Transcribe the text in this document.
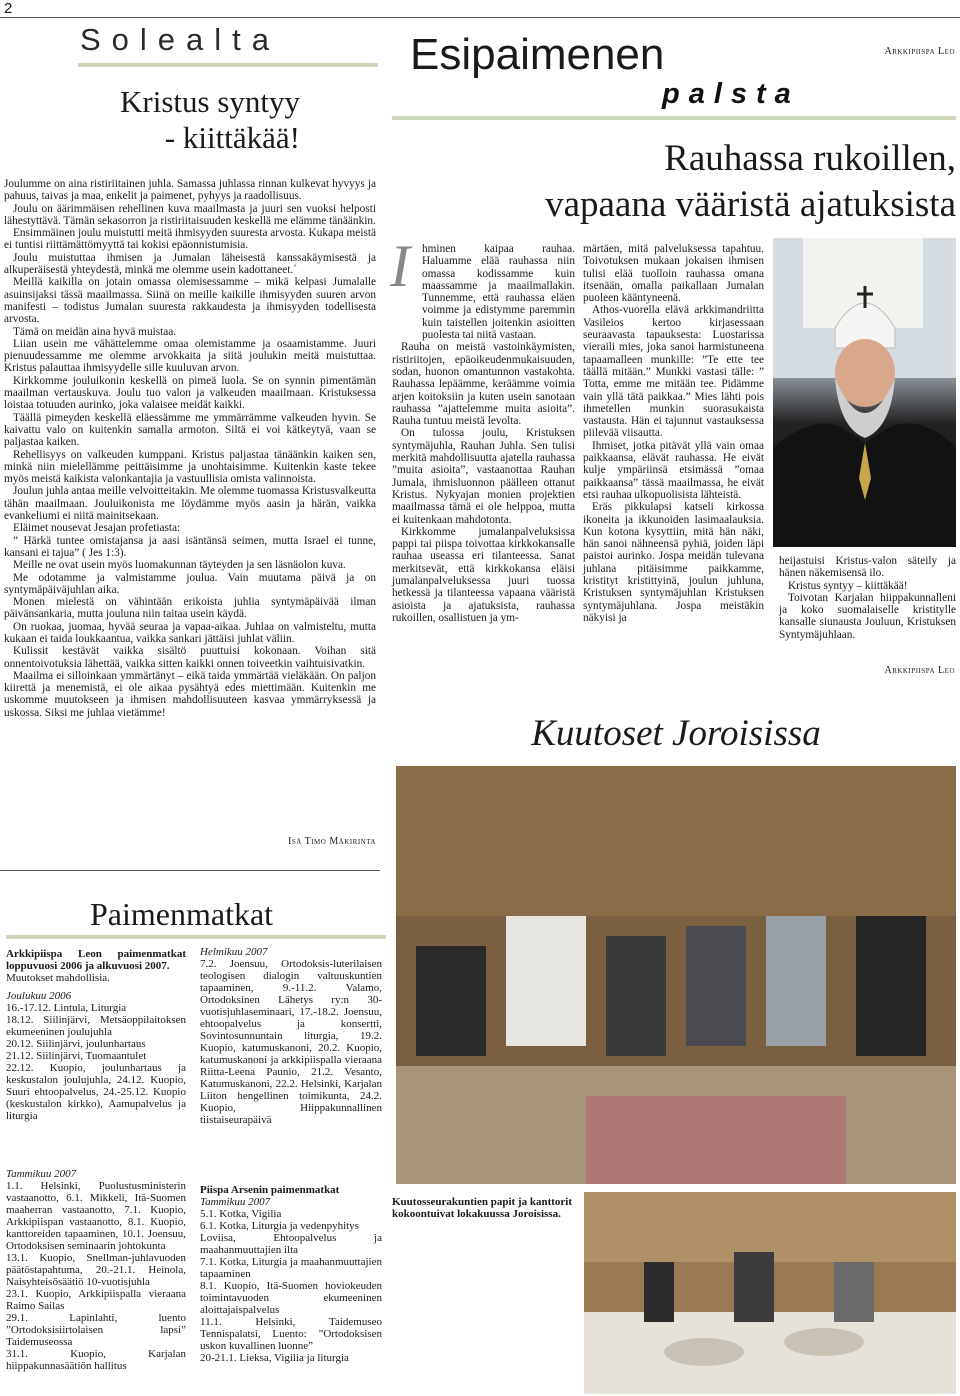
2
Solealta
Kristus syntyy
- kiittäkää!

Joulumme on aina ristiriitainen juhla. Samassa juhlassa rinnan kulkevat hyvyys ja pahuus, taivas ja maa, enkelit ja paimenet, pyhyys ja raadollisuus.

Joulu on äärimmäisen rehellinen kuva maailmasta ja juuri sen vuoksi helposti lähestyttävä. Tämän sekasorron ja ristiriitaisuuden keskellä me elämme tänäänkin.

Ensimmäinen joulu muistutti meitä ihmisyyden suuresta arvosta. Kukapa meistä ei tuntisi riittämättömyyttä tai kokisi epäonnistumisia.

Joulu muistuttaa ihmisen ja Jumalan läheisestä kanssakäymisestä ja alkuperäisestä yhteydestä, minkä me olemme usein kadottaneet.´

Meillä kaikilla on jotain omassa olemisessamme – mikä kelpasi Jumalalle asuinsijaksi tässä maailmassa. Siinä on meille kaikille ihmisyyden suuren arvon manifesti – todistus Jumalan suuresta rakkaudesta ja ihmisyyden todellisesta arvosta.

Tämä on meidän aina hyvä muistaa.

Liian usein me vähättelemme omaa olemistamme ja osaamistamme. Juuri pienuudessamme me olemme arvokkaita ja siitä joulukin meitä muistuttaa. Kristus palauttaa ihmisyydelle sille kuuluvan arvon.

Kirkkomme jouluikonin keskellä on pimeä luola. Se on synnin pimentämän maailman vertauskuva. Joulu tuo valon ja valkeuden maailmaan. Kristuksessa loistaa totuuden aurinko, joka valaisee meidät kaikki.

Täällä pimeyden keskellä eläessämme me ymmärrämme valkeuden hyvin. Se kaivattu valo on kuitenkin samalla armoton. Siltä ei voi kätkeytyä, vaan se paljastaa kaiken.

Rehellisyys on valkeuden kumppani. Kristus paljastaa tänäänkin kaiken sen, minkä niin mielellämme peittäisimme ja unohtaisimme. Kuitenkin kaste tekee myös meistä kaikista valonkantajia ja vastuullisia omista valinnoista.

Joulun juhla antaa meille velvoitteitakin. Me olemme tuomassa Kristusvalkeutta tähän maailmaan. Jouluikonista me löydämme myös aasin ja härän, vaikka evankeliumi ei niitä mainitsekaan.

Eläimet nousevat Jesajan profetiasta:

” Härkä tuntee omistajansa ja aasi isäntänsä seimen, mutta Israel ei tunne, kansani ei tajua” ( Jes 1:3).

Meille ne ovat usein myös luomakunnan täyteyden ja sen läsnäolon kuva.

Me odotamme ja valmistamme joulua. Vain muutama päivä ja on syntymäpäiväjuhlan aika.

Monen mielestä on vähintään erikoista juhlia syntymäpäivää ilman päivänsankaria, mutta joulunа niin taitaa usein käydä.

On ruokaa, juomaa, hyvää seuraa ja vapaa-aikaa. Juhlaa on valmisteltu, mutta kukaan ei taida loukkaantua, vaikka sankari jättäisi juhlat väliin.

Kulissit kestävät vaikka sisältö puuttuisi kokonaan. Voihan sitä onnentoivotuksia lähettää, vaikka sitten kaikki onnen toiveetkin vaihtuisivatkin.

Maailma ei silloinkaan ymmärtänyt – eikä taida ymmärtää vieläkään. On paljon kiirettä ja menemistä, ei ole aikaa pysähtyä edes miettimään. Kuitenkin me uskomme muutokseen ja ihmisen mahdollisuuteen kasvaa ymmärryksessä ja uskossa. Siksi me juhlaa vietämme!

Isä Timo Mäkirinta
Esipaimenen
palsta
Arkkipiispa Leo
Rauhassa rukoillen,
vapaana vääristä ajatuksista
I	hminen kaipaa rauhaa. Haluamme elää rauhassa niin omassa kodissamme kuin maassamme ja maailmallakin. Tunnemme, että rauhassa eläen voimme ja edistymme paremmin kuin taistellen joitenkin asioitten puolesta tai niitä vastaan.

Rauha on meistä vastoinkäymisten, ristiriitojen, epäoikeudenmukaisuuden, sodan, huonon omantunnon vastakohta. Rauhassa lepäämme, keräämme voimia arjen koitoksiin ja kuten usein sanotaan rauhassa ”ajattelemme muita asioita”. Rauha tuntuu meistä levolta.

On tulossa joulu, Kristuksen syntymäjuhla, Rauhan Juhla. Sen tulisi merkitä mahdollisuutta ajatella rauhassa ”muita asioita”, vastaanottaa Rauhan Jumala, ihmisluonnon päälleen ottanut Kristus. Nykyajan monien projektien maailmassa tämä ei ole helppoa, mutta ei kuitenkaan mahdotonta.

Kirkkomme jumalanpalveluksissa pappi tai piispa toivottaa kirkkokansalle rauhaa useassa eri tilanteessa. Sanat merkitsevät, että kirkkokansa eläisi jumalanpalveluksessa juuri tuossa hetkessä ja tilanteessa vapaana vääristä asioista ja ajatuksista, rauhassa rukoillen, osallistuen ja ym-

märtäen, mitä palveluksessa tapahtuu. Toivotuksen mukaan jokaisen ihmisen tulisi elää tuolloin rauhassa omana itsenään, omalla paikallaan Jumalan puoleen kääntyneenä.

Athos-vuorella elävä arkkimandriitta Vasileios kertoo kirjasessaan seuraavasta tapauksesta: Luostarissa vieraili mies, joka sanoi harmistuneena tapaamalleen munkille: ”Te ette tee täällä mitään.” Munkki vastasi tälle: ” Totta, emme me mitään tee. Pidämme vain yllä tätä paikkaa.” Mies lähti pois ihmetellen munkin suorasukaista vastausta. Hän ei tajunnut vastauksessa piilevää viisautta.

Ihmiset, jotka pitävät yllä vain omaa paikkaansa, elävät rauhassa. He eivät kulje ympäriinsä etsimässä ”omaa paikkaansa” tässä maailmassa, he eivät etsi rauhaa ulkopuolisista lähteistä.

Eräs pikkulapsi katseli kirkossa ikoneita ja ikkunoiden lasimaalauksia. Kun kotona kysyttiin, mitä hän näki, hän sanoi nähneensä pyhiä, joiden läpi paistoi aurinko. Jospa meidän tulevana juhlana pitäisimme paikkamme, kristityt kristittyinä, joulun juhluna, Kristuksen syntymäjuhlan Kristuksen syntymäjuhlana. Jospa meistäkin näkyisi ja

heijastuisi Kristus-valon säteily ja hänen näkemisensä ilo.

Kristus syntyy – kiittäkää!

Toivotan Karjalan hiippakunnalleni ja koko suomalaiselle kristitylle kansalle siunausta Jouluun, Kristuksen Syntymäjuhlaan.

Arkkipiispa Leo
Kuutoset Joroisissa
Kuutosseurakuntien papit ja kanttorit kokoontuivat lokakuussa Joroisissa.
Paimenmatkat

Arkkipiispa Leon paimenmatkat loppuvuosi 2006 ja alkuvuosi 2007.

Muutokset mahdollisia.

Joulukuu 2006

16.-17.12. Lintula, Liturgia

18.12. Siilinjärvi, Metsäoppilaitoksen ekumeeninen joulujuhla

20.12. Siilinjärvi, joulunhartaus

21.12. Siilinjärvi, Tuomaantulet

22.12. Kuopio, joulunhartaus ja keskustalon joulujuhla, 24.12. Kuopio, Suuri ehtoopalvelus, 24.-25.12. Kuopio (keskustalon kirkko), Aamupalvelus ja liturgia

Helmikuu 2007

7.2. Joensuu, Ortodoksis-luterilaisen teologisen dialogin valtuuskuntien tapaaminen, 9.-11.2. Valamo, Ortodoksinen Lähetys ry:n 30-vuotisjuhlaseminaari, 17.-18.2. Joensuu, ehtoopalvelus ja konsertti, Sovintosunnuntain liturgia, 19.2. Kuopio, katumuskanoni, 20.2. Kuopio, katumuskanoni ja arkkipiispalla vieraana Riitta-Leena Paunio, 21.2. Vesanto, Katumuskanoni, 22.2. Helsinki, Karjalan Liiton hengellinen toimikunta, 24.2. Kuopio, Hiippakunnallinen tiistaiseurapäivä

Tammikuu 2007

1.1. Helsinki, Puolustusministerin vastaanotto, 6.1. Mikkeli, Itä-Suomen maaherran vastaanotto, 7.1. Kuopio, Arkkipiispan vastaanotto, 8.1. Kuopio, kanttoreiden tapaaminen, 10.1. Joensuu, Ortodoksisen seminaarin johtokunta

13.1. Kuopio, Snellman-juhlavuoden päätöstapahtuma, 20.-21.1. Heinola, Naisyhteisösäätiö 10-vuotisjuhla

23.1. Kuopio, Arkkipiispalla vieraana Raimo Sailas

29.1. Lapinlahti, luento ”Ortodoksisiirtolaisen lapsi” Taidemuseossa

31.1. Kuopio, Karjalan hiippakunnasäätiön hallitus

Piispa Arsenin paimenmatkat

Tammikuu 2007

5.1. Kotka, Vigilia

6.1. Kotka, Liturgia ja vedenpyhitys

Loviisa, Ehtoopalvelus ja maahanmuuttajien ilta

7.1. Kotka, Liturgia ja maahanmuuttajien tapaaminen

8.1. Kuopio, Itä-Suomen hoviokeuden toimintavuoden ekumeeninen aloittajaispalvelus

11.1. Helsinki, Taidemuseo Tennispalatsi, Luento: ”Ortodoksisen uskon kuvallinen luonne”

20-21.1. Lieksa, Vigilia ja liturgia
